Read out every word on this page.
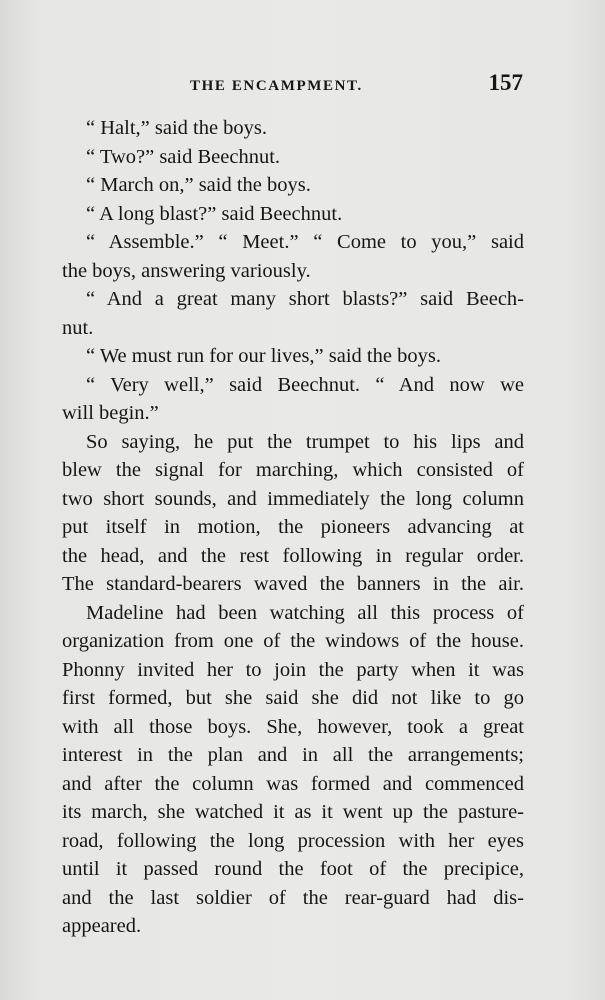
THE ENCAMPMENT.	157
“ Halt,” said the boys.
“ Two?” said Beechnut.
“ March on,” said the boys.
“ A long blast?” said Beechnut.
“ Assemble.” “ Meet.” “ Come to you,” said
the boys, answering variously.
“ And a great many short blasts?” said Beech-
nut.
“ We must run for our lives,” said the boys.
“ Very well,” said Beechnut. “ And now we
will begin.”
So saying, he put the trumpet to his lips and
blew the signal for marching, which consisted of
two short sounds, and immediately the long column
put itself in motion, the pioneers advancing at
the head, and the rest following in regular order.
The standard-bearers waved the banners in the air.
Madeline had been watching all this process of
organization from one of the windows of the house.
Phonny invited her to join the party when it was
first formed, but she said she did not like to go
with all those boys. She, however, took a great
interest in the plan and in all the arrangements;
and after the column was formed and commenced
its march, she watched it as it went up the pasture-
road, following the long procession with her eyes
until it passed round the foot of the precipice,
and the last soldier of the rear-guard had dis-
appeared.
